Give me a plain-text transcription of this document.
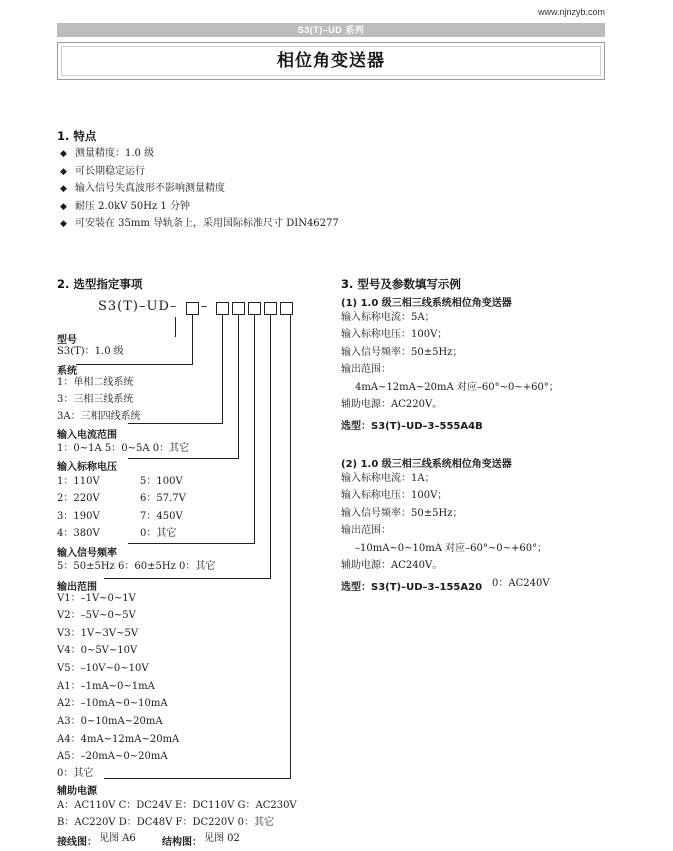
www.njnzyb.com
S3(T)–UD 系列
相位角变送器
1. 特点
◆ 测量精度：1.0 级
◆ 可长期稳定运行
◆ 输入信号失真波形不影响测量精度
◆ 耐压 2.0kV 50Hz 1 分钟
◆ 可安装在 35mm 导轨条上，采用国际标准尺寸 DIN46277
2. 选型指定事项
S3(T)–UD– –
型号
S3(T)：1.0 级
系统
1：单相二线系统
3：三相三线系统
3A：三相四线系统
输入电流范围
1：0~1A 5：0~5A 0：其它
输入标称电压
1：110V	5：100V
2：220V	6：57.7V
3：190V	7：450V
4：380V	0：其它
输入信号频率
5：50±5Hz 6：60±5Hz 0：其它
输出范围
V1：–1V~0~1V
V2：–5V~0~5V
V3：1V~3V~5V
V4：0~5V~10V
V5：–10V~0~10V
A1：–1mA~0~1mA
A2：–10mA~0~10mA
A3：0~10mA~20mA
A4：4mA~12mA~20mA
A5：–20mA~0~20mA
0：其它
辅助电源
A：AC110V C：DC24V E：DC110V G：AC230V
B：AC220V D：DC48V F：DC220V 0：其它
接线图： 见图 A6	结构图： 见图 02
3. 型号及参数填写示例
(1) 1.0 级三相三线系统相位角变送器
输入标称电流：5A；
输入标称电压：100V；
输入信号频率：50±5Hz；
输出范围：
4mA~12mA~20mA 对应–60°~0~+60°；
辅助电源：AC220V。
选型：S3(T)–UD–3–555A4B
(2) 1.0 级三相三线系统相位角变送器
输入标称电流：1A；
输入标称电压：100V；
输入信号频率：50±5Hz；
输出范围：
–10mA~0~10mA 对应–60°~0~+60°；
辅助电源：AC240V。
选型：S3(T)–UD–3–155A20 0：AC240V
